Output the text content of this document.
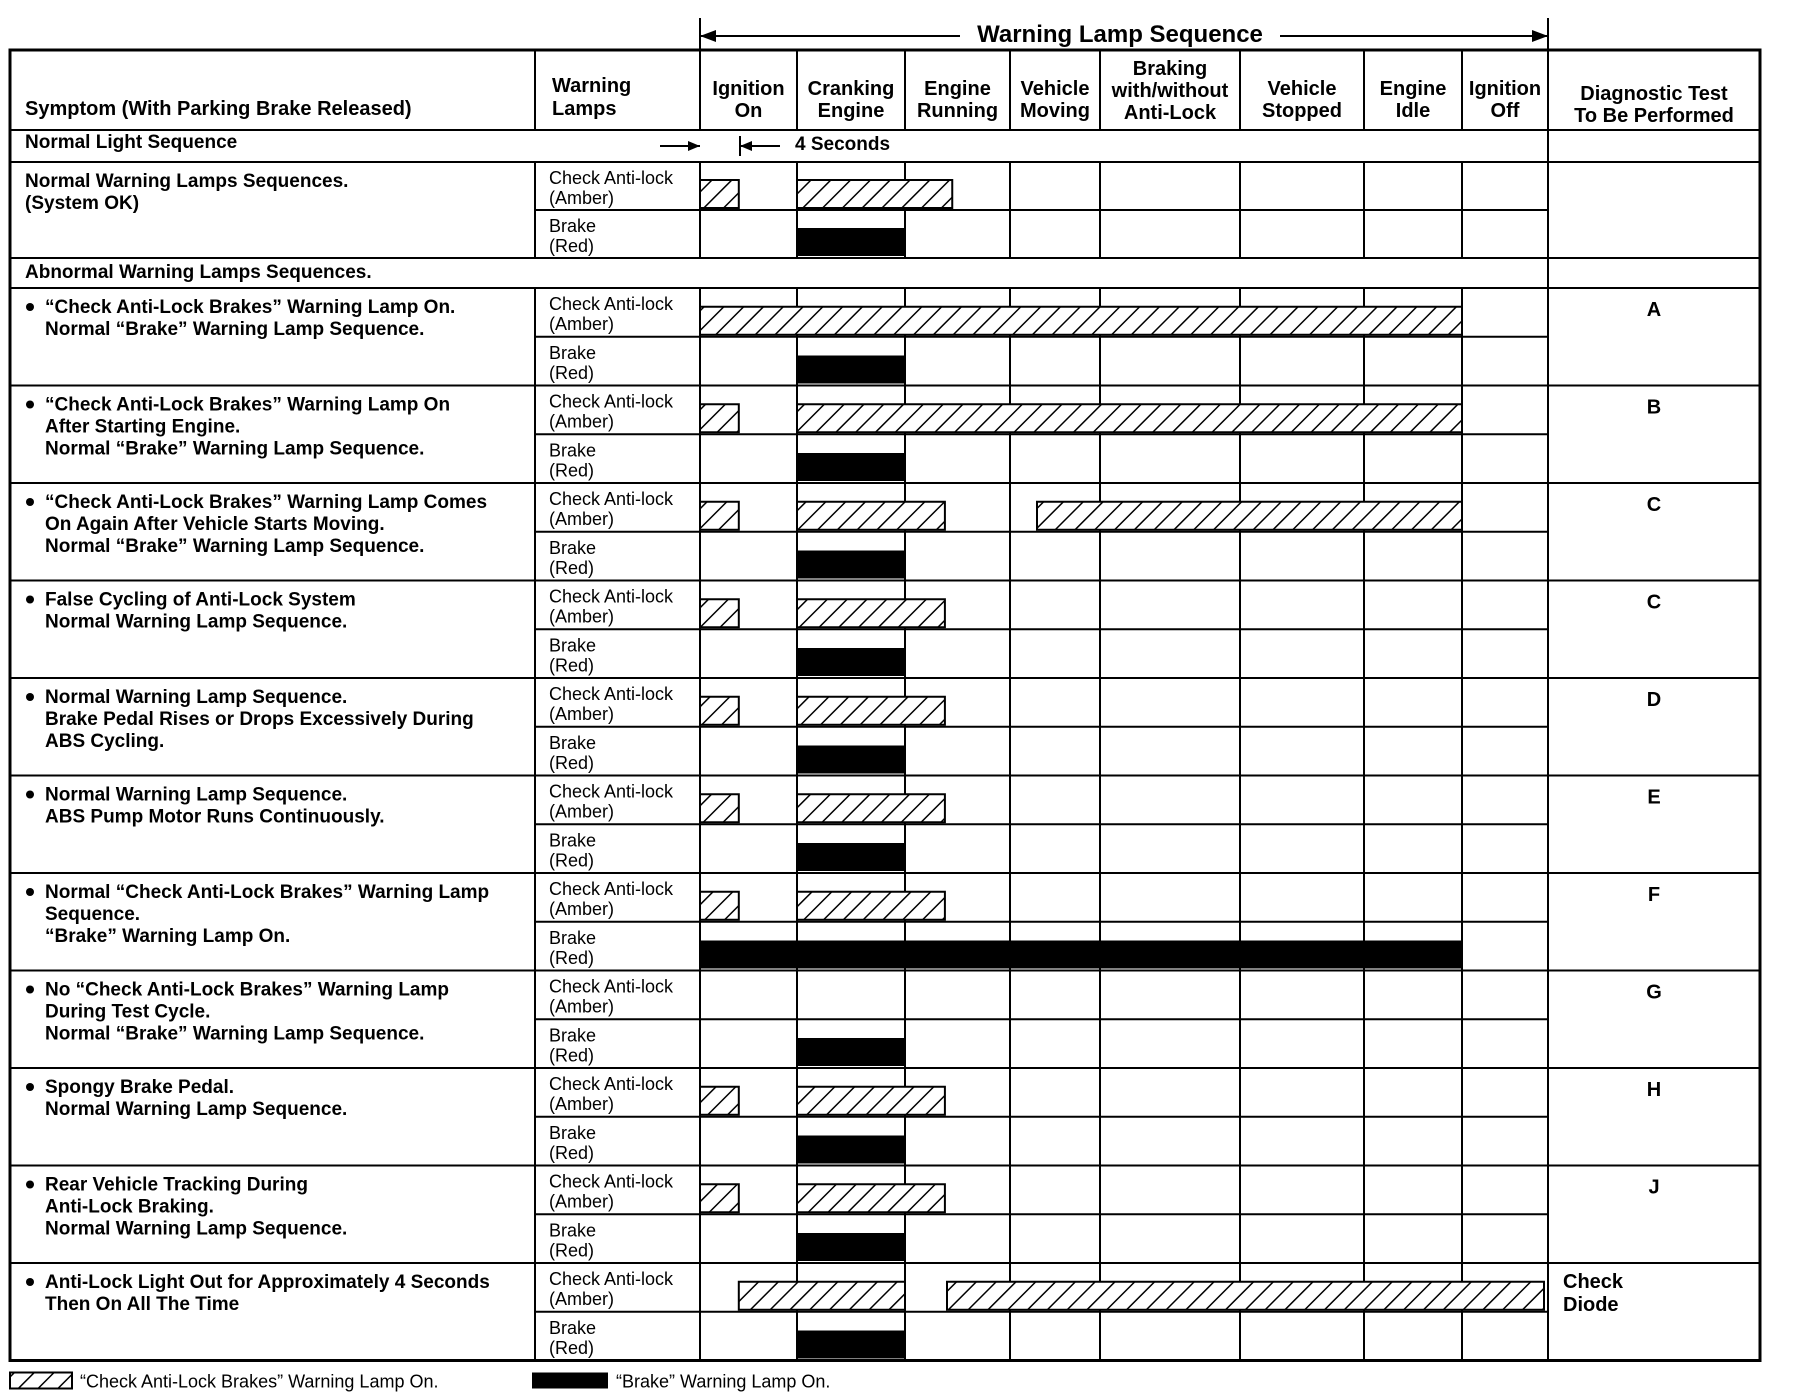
Warning Lamp Sequence
Symptom (With Parking Brake Released)
Warning
Lamps
Ignition
On
Cranking
Engine
Engine
Running
Vehicle
Moving
Braking
with/without
Anti-Lock
Vehicle
Stopped
Engine
Idle
Ignition
Off
Diagnostic Test
To Be Performed
Normal Light Sequence	4 Seconds
Abnormal Warning Lamps Sequences.
Normal Warning Lamps Sequences.
(System OK)
Check Anti-lock
(Amber)
Brake
(Red)
“Check Anti-Lock Brakes” Warning Lamp On.
Normal “Brake” Warning Lamp Sequence.
Check Anti-lock
(Amber)
Brake
(Red)
A
“Check Anti-Lock Brakes” Warning Lamp On
After Starting Engine.
Normal “Brake” Warning Lamp Sequence.
Check Anti-lock
(Amber)
Brake
(Red)
B
“Check Anti-Lock Brakes” Warning Lamp Comes
On Again After Vehicle Starts Moving.
Normal “Brake” Warning Lamp Sequence.
Check Anti-lock
(Amber)
Brake
(Red)
C
False Cycling of Anti-Lock System
Normal Warning Lamp Sequence.
Check Anti-lock
(Amber)
Brake
(Red)
C
Normal Warning Lamp Sequence.
Brake Pedal Rises or Drops Excessively During
ABS Cycling.
Check Anti-lock
(Amber)
Brake
(Red)
D
Normal Warning Lamp Sequence.
ABS Pump Motor Runs Continuously.
Check Anti-lock
(Amber)
Brake
(Red)
E
Normal “Check Anti-Lock Brakes” Warning Lamp
Sequence.
“Brake” Warning Lamp On.
Check Anti-lock
(Amber)
Brake
(Red)
F
No “Check Anti-Lock Brakes” Warning Lamp
During Test Cycle.
Normal “Brake” Warning Lamp Sequence.
Check Anti-lock
(Amber)
Brake
(Red)
G
Spongy Brake Pedal.
Normal Warning Lamp Sequence.
Check Anti-lock
(Amber)
Brake
(Red)
H
Rear Vehicle Tracking During
Anti-Lock Braking.
Normal Warning Lamp Sequence.
Check Anti-lock
(Amber)
Brake
(Red)
J
Anti-Lock Light Out for Approximately 4 Seconds
Then On All The Time
Check Anti-lock
(Amber)
Brake
(Red)
Check
Diode
“Check Anti-Lock Brakes” Warning Lamp On.	“Brake” Warning Lamp On.
